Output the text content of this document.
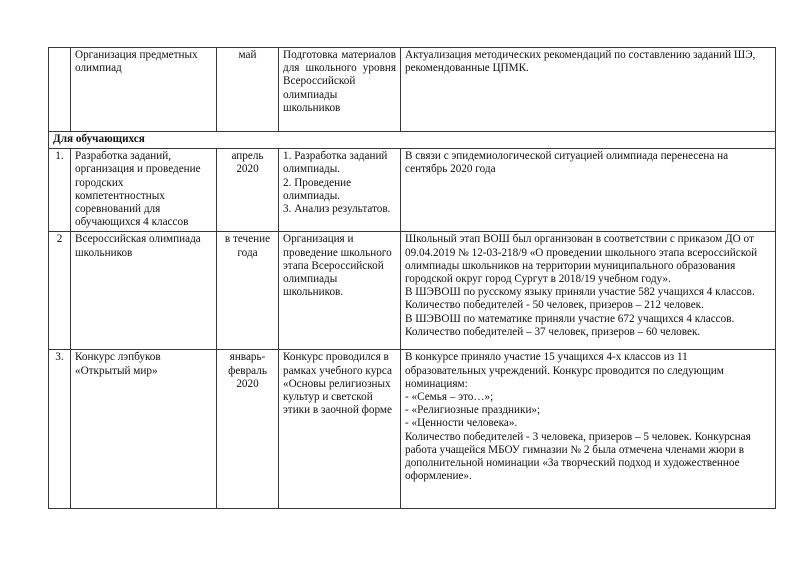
	Организация предметных олимпиад	май	Подготовка материалов для школьного уровня Всероссийской олимпиады школьников	Актуализация методических рекомендаций по составлению заданий ШЭ, рекомендованные ЦПМК.
Для обучающихся				
1.	Разработка заданий, организация и проведение городских компетентностных соревнований для обучающихся 4 классов	апрель 2020	1. Разработка заданий олимпиады.
2. Проведение олимпиады.
3. Анализ результатов.	В связи с эпидемиологической ситуацией олимпиада перенесена на сентябрь 2020 года

2	Всероссийская олимпиада школьников	в течение года	Организация и проведение школьного этапа Всероссийской олимпиады школьников.	Школьный этап ВОШ был организован в соответствии с приказом ДО от 09.04.2019 № 12-03-218/9 «О проведении школьного этапа всероссийской олимпиады школьников на территории муниципального образования городской округ город Сургут в 2018/19 учебном году».
В ШЭВОШ по русскому языку приняли участие 582 учащихся 4 классов.
Количество победителей - 50 человек, призеров – 212 человек.
В ШЭВОШ по математике приняли участие 672 учащихся 4 классов.
Количество победителей – 37 человек, призеров – 60 человек.

3.	Конкурс лэпбуков «Открытый мир»	январь-февраль 2020	Конкурс проводился в рамках учебного курса «Основы религиозных культур и светской этики в заочной форме	В конкурсе приняло участие 15 учащихся 4-х классов из 11 образовательных учреждений. Конкурс проводится по следующим номинациям:
- «Семья – это…»;
- «Религиозные праздники»;
- «Ценности человека».
Количество победителей - 3 человека, призеров – 5 человек. Конкурсная работа учащейся МБОУ гимназии № 2 была отмечена членами жюри в дополнительной номинации «За творческий подход и художественное оформление».
